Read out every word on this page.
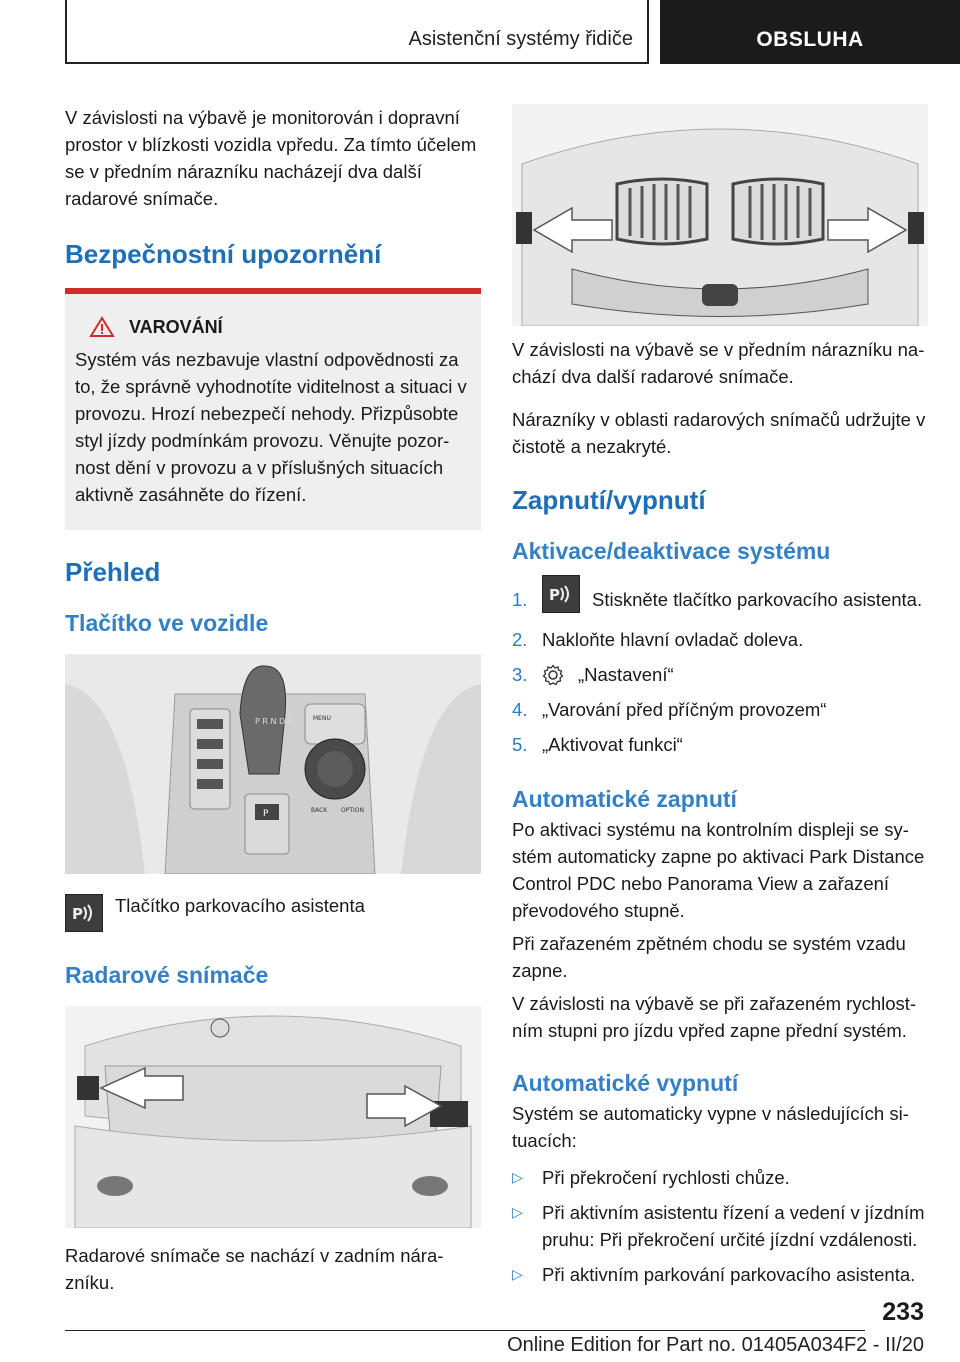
Asistenční systémy řidiče	OBSLUHA

V závislosti na výbavě je monitorován i dopravní prostor v blízkosti vozidla vpředu. Za tímto účelem se v předním nárazníku nacházejí dva další radarové snímače.

Bezpečnostní upozornění
VAROVÁNÍ

Systém vás nezbavuje vlastní odpovědnosti za to, že správně vyhodnotíte viditelnost a situaci v provozu. Hrozí nebezpečí nehody. Přizpůsobte styl jízdy podmínkám provozu. Věnujte pozornost dění v provozu a v příslušných situacích aktivně zasáhněte do řízení.

Přehled
Tlačítko ve vozidle
P R N D S	MENU
BACK OPTION
P
P Tlačítko parkovacího asistenta

Radarové snímače

Radarové snímače se nachází v zadním nárazníku.

V závislosti na výbavě se v předním nárazníku nachází dva další radarové snímače.

Nárazníky v oblasti radarových snímačů udržujte v čistotě a nezakryté.

Zapnutí/vypnutí
Aktivace/deaktivace systému
1.	P Stiskněte tlačítko parkovacího asistenta.
2. Nakloňte hlavní ovladač doleva.
3.	„Nastavení“
4. „Varování před příčným provozem“
5. „Aktivovat funkci“
Automatické zapnutí

Po aktivaci systému na kontrolním displeji se systém automaticky zapne po aktivaci Park Distance Control PDC nebo Panorama View a zařazení převodového stupně.

Při zařazeném zpětném chodu se systém vzadu zapne.

V závislosti na výbavě se při zařazeném rychlostním stupni pro jízdu vpřed zapne přední systém.

Automatické vypnutí

Systém se automaticky vypne v následujících situacích:

▷	Při překročení rychlosti chůze.
▷	Při aktivním asistentu řízení a vedení v jízdním pruhu: Při překročení určité jízdní vzdálenosti.
▷	Při aktivním parkování parkovacího asistenta.
233
Online Edition for Part no. 01405A034F2 - II/20
